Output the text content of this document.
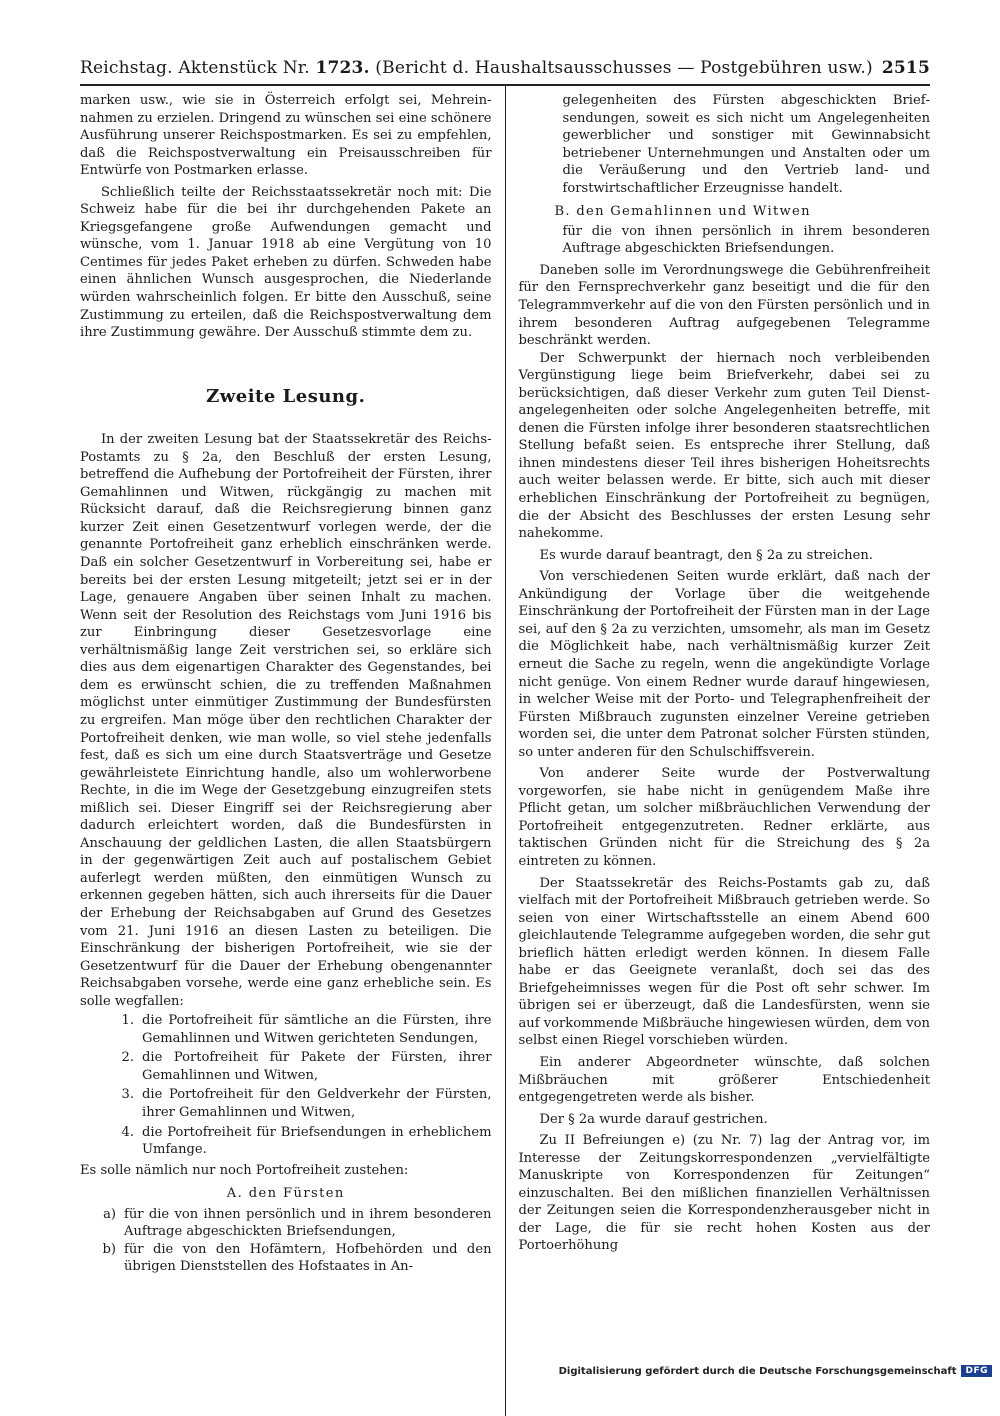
Reichstag. Aktenstück Nr. 1723. (Bericht d. Haushaltsausschusses — Postgebühren usw.) 2515

marken usw., wie sie in Österreich erfolgt sei, Mehreinnahmen zu erzielen. Dringend zu wünschen sei eine schönere Ausführung unserer Reichspostmarken. Es sei zu empfehlen, daß die Reichspostverwaltung ein Preisausschreiben für Entwürfe von Postmarken erlasse.

Schließlich teilte der Reichsstaatssekretär noch mit: Die Schweiz habe für die bei ihr durchgehenden Pakete an Kriegsgefangene große Aufwendungen gemacht und wünsche, vom 1. Januar 1918 ab eine Vergütung von 10 Centimes für jedes Paket erheben zu dürfen. Schweden habe einen ähnlichen Wunsch ausgesprochen, die Niederlande würden wahrscheinlich folgen. Er bitte den Ausschuß, seine Zustimmung zu erteilen, daß die Reichspostverwaltung dem ihre Zustimmung gewähre. Der Ausschuß stimmte dem zu.

Zweite Lesung.

In der zweiten Lesung bat der Staatssekretär des Reichs-Postamts zu § 2a, den Beschluß der ersten Lesung, betreffend die Aufhebung der Portofreiheit der Fürsten, ihrer Gemahlinnen und Witwen, rückgängig zu machen mit Rücksicht darauf, daß die Reichsregierung binnen ganz kurzer Zeit einen Gesetzentwurf vorlegen werde, der die genannte Portofreiheit ganz erheblich einschränken werde. Daß ein solcher Gesetzentwurf in Vorbereitung sei, habe er bereits bei der ersten Lesung mitgeteilt; jetzt sei er in der Lage, genauere Angaben über seinen Inhalt zu machen. Wenn seit der Resolution des Reichstags vom Juni 1916 bis zur Einbringung dieser Gesetzesvorlage eine verhältnismäßig lange Zeit verstrichen sei, so erkläre sich dies aus dem eigenartigen Charakter des Gegenstandes, bei dem es erwünscht schien, die zu treffenden Maßnahmen möglichst unter einmütiger Zustimmung der Bundesfürsten zu ergreifen. Man möge über den rechtlichen Charakter der Portofreiheit denken, wie man wolle, so viel stehe jedenfalls fest, daß es sich um eine durch Staatsverträge und Gesetze gewährleistete Einrichtung handle, also um wohlerworbene Rechte, in die im Wege der Gesetzgebung einzugreifen stets mißlich sei. Dieser Eingriff sei der Reichsregierung aber dadurch erleichtert worden, daß die Bundesfürsten in Anschauung der geldlichen Lasten, die allen Staatsbürgern in der gegenwärtigen Zeit auch auf postalischem Gebiet auferlegt werden müßten, den einmütigen Wunsch zu erkennen gegeben hätten, sich auch ihrerseits für die Dauer der Erhebung der Reichsabgaben auf Grund des Gesetzes vom 21. Juni 1916 an diesen Lasten zu beteiligen. Die Einschränkung der bisherigen Portofreiheit, wie sie der Gesetzentwurf für die Dauer der Erhebung obengenannter Reichsabgaben vorsehe, werde eine ganz erhebliche sein. Es solle wegfallen:

1. die Portofreiheit für sämtliche an die Fürsten, ihre Gemahlinnen und Witwen gerichteten Sendungen,
2. die Portofreiheit für Pakete der Fürsten, ihrer Gemahlinnen und Witwen,
3. die Portofreiheit für den Geldverkehr der Fürsten, ihrer Gemahlinnen und Witwen,
4. die Portofreiheit für Briefsendungen in erheblichem Umfange.

Es solle nämlich nur noch Portofreiheit zustehen:

A. den Fürsten

a) für die von ihnen persönlich und in ihrem besonderen Auftrage abgeschickten Briefsendungen,
b) für die von den Hofämtern, Hofbehörden und den übrigen Dienststellen des Hofstaates in An-

gelegenheiten des Fürsten abgeschickten Briefsendungen, soweit es sich nicht um Angelegenheiten gewerblicher und sonstiger mit Gewinnabsicht betriebener Unternehmungen und Anstalten oder um die Veräußerung und den Vertrieb land- und forstwirtschaftlicher Erzeugnisse handelt.

B. den Gemahlinnen und Witwen

für die von ihnen persönlich in ihrem besonderen Auftrage abgeschickten Briefsendungen.

Daneben solle im Verordnungswege die Gebührenfreiheit für den Fernsprechverkehr ganz beseitigt und die für den Telegrammverkehr auf die von den Fürsten persönlich und in ihrem besonderen Auftrag aufgegebenen Telegramme beschränkt werden.

Der Schwerpunkt der hiernach noch verbleibenden Vergünstigung liege beim Briefverkehr, dabei sei zu berücksichtigen, daß dieser Verkehr zum guten Teil Dienstangelegenheiten oder solche Angelegenheiten betreffe, mit denen die Fürsten infolge ihrer besonderen staatsrechtlichen Stellung befaßt seien. Es entspreche ihrer Stellung, daß ihnen mindestens dieser Teil ihres bisherigen Hoheitsrechts auch weiter belassen werde. Er bitte, sich auch mit dieser erheblichen Einschränkung der Portofreiheit zu begnügen, die der Absicht des Beschlusses der ersten Lesung sehr nahekomme.

Es wurde darauf beantragt, den § 2a zu streichen.

Von verschiedenen Seiten wurde erklärt, daß nach der Ankündigung der Vorlage über die weitgehende Einschränkung der Portofreiheit der Fürsten man in der Lage sei, auf den § 2a zu verzichten, umsomehr, als man im Gesetz die Möglichkeit habe, nach verhältnismäßig kurzer Zeit erneut die Sache zu regeln, wenn die angekündigte Vorlage nicht genüge. Von einem Redner wurde darauf hingewiesen, in welcher Weise mit der Porto- und Telegraphenfreiheit der Fürsten Mißbrauch zugunsten einzelner Vereine getrieben worden sei, die unter dem Patronat solcher Fürsten stünden, so unter anderen für den Schulschiffsverein.

Von anderer Seite wurde der Postverwaltung vorgeworfen, sie habe nicht in genügendem Maße ihre Pflicht getan, um solcher mißbräuchlichen Verwendung der Portofreiheit entgegenzutreten. Redner erklärte, aus taktischen Gründen nicht für die Streichung des § 2a eintreten zu können.

Der Staatssekretär des Reichs-Postamts gab zu, daß vielfach mit der Portofreiheit Mißbrauch getrieben werde. So seien von einer Wirtschaftsstelle an einem Abend 600 gleichlautende Telegramme aufgegeben worden, die sehr gut brieflich hätten erledigt werden können. In diesem Falle habe er das Geeignete veranlaßt, doch sei das des Briefgeheimnisses wegen für die Post oft sehr schwer. Im übrigen sei er überzeugt, daß die Landesfürsten, wenn sie auf vorkommende Mißbräuche hingewiesen würden, dem von selbst einen Riegel vorschieben würden.

Ein anderer Abgeordneter wünschte, daß solchen Mißbräuchen mit größerer Entschiedenheit entgegengetreten werde als bisher.

Der § 2a wurde darauf gestrichen.

Zu II Befreiungen e) (zu Nr. 7) lag der Antrag vor, im Interesse der Zeitungskorrespondenzen „vervielfältigte Manuskripte von Korrespondenzen für Zeitungen“ einzuschalten. Bei den mißlichen finanziellen Verhältnissen der Zeitungen seien die Korrespondenzherausgeber nicht in der Lage, die für sie recht hohen Kosten aus der Portoerhöhung

Digitalisierung gefördert durch die Deutsche Forschungsgemeinschaft	DFG
